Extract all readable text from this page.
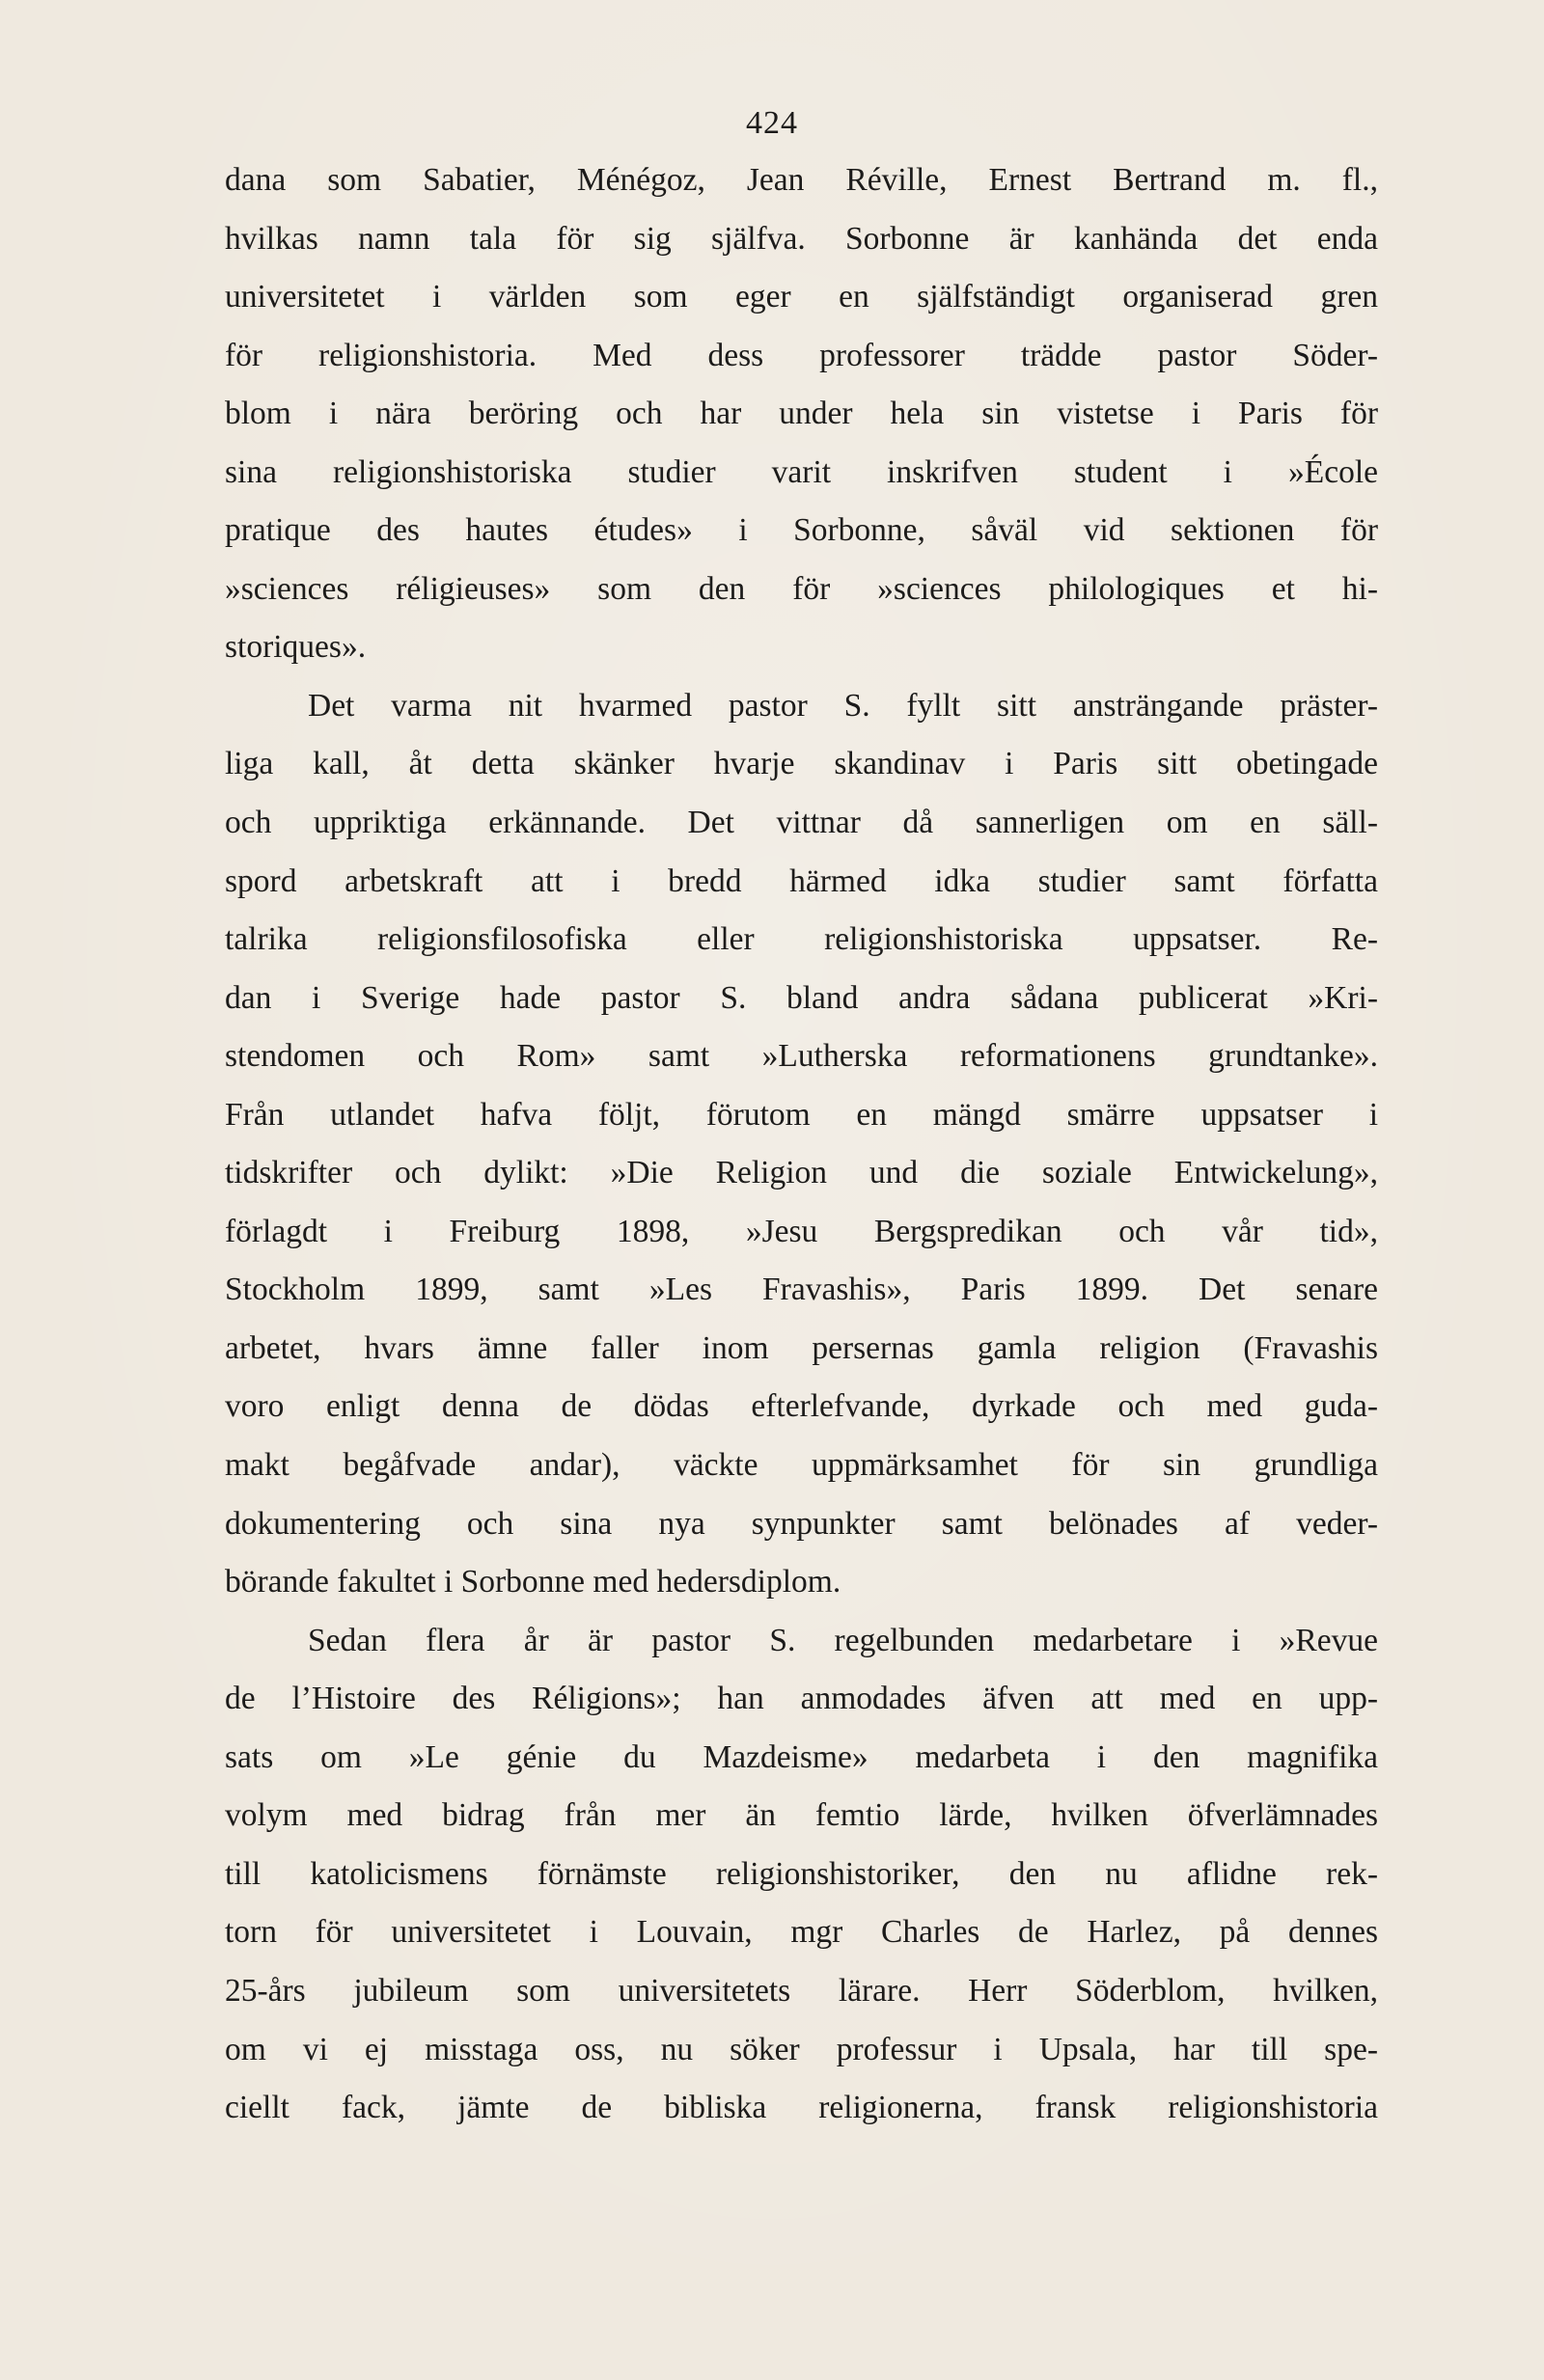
424
dana som Sabatier, Ménégoz, Jean Réville, Ernest Bertrand m. fl.,
hvilkas namn tala för sig själfva. Sorbonne är kanhända det enda
universitetet i världen som eger en själfständigt organiserad gren
för religionshistoria. Med dess professorer trädde pastor Söder-
blom i nära beröring och har under hela sin vistetse i Paris för
sina religionshistoriska studier varit inskrifven student i »École
pratique des hautes études» i Sorbonne, såväl vid sektionen för
»sciences réligieuses» som den för »sciences philologiques et hi-
storiques».
Det varma nit hvarmed pastor S. fyllt sitt ansträngande präster-
liga kall, åt detta skänker hvarje skandinav i Paris sitt obetingade
och uppriktiga erkännande. Det vittnar då sannerligen om en säll-
spord arbetskraft att i bredd härmed idka studier samt författa
talrika religionsfilosofiska eller religionshistoriska uppsatser. Re-
dan i Sverige hade pastor S. bland andra sådana publicerat »Kri-
stendomen och Rom» samt »Lutherska reformationens grundtanke».
Från utlandet hafva följt, förutom en mängd smärre uppsatser i
tidskrifter och dylikt: »Die Religion und die soziale Entwickelung»,
förlagdt i Freiburg 1898, »Jesu Bergspredikan och vår tid»,
Stockholm 1899, samt »Les Fravashis», Paris 1899. Det senare
arbetet, hvars ämne faller inom persernas gamla religion (Fravashis
voro enligt denna de dödas efterlefvande, dyrkade och med guda-
makt begåfvade andar), väckte uppmärksamhet för sin grundliga
dokumentering och sina nya synpunkter samt belönades af veder-
börande fakultet i Sorbonne med hedersdiplom.
Sedan flera år är pastor S. regelbunden medarbetare i »Revue
de l’Histoire des Réligions»; han anmodades äfven att med en upp-
sats om »Le génie du Mazdeisme» medarbeta i den magnifika
volym med bidrag från mer än femtio lärde, hvilken öfverlämnades
till katolicismens förnämste religionshistoriker, den nu aflidne rek-
torn för universitetet i Louvain, mgr Charles de Harlez, på dennes
25-års jubileum som universitetets lärare. Herr Söderblom, hvilken,
om vi ej misstaga oss, nu söker professur i Upsala, har till spe-
ciellt fack, jämte de bibliska religionerna, fransk religionshistoria
